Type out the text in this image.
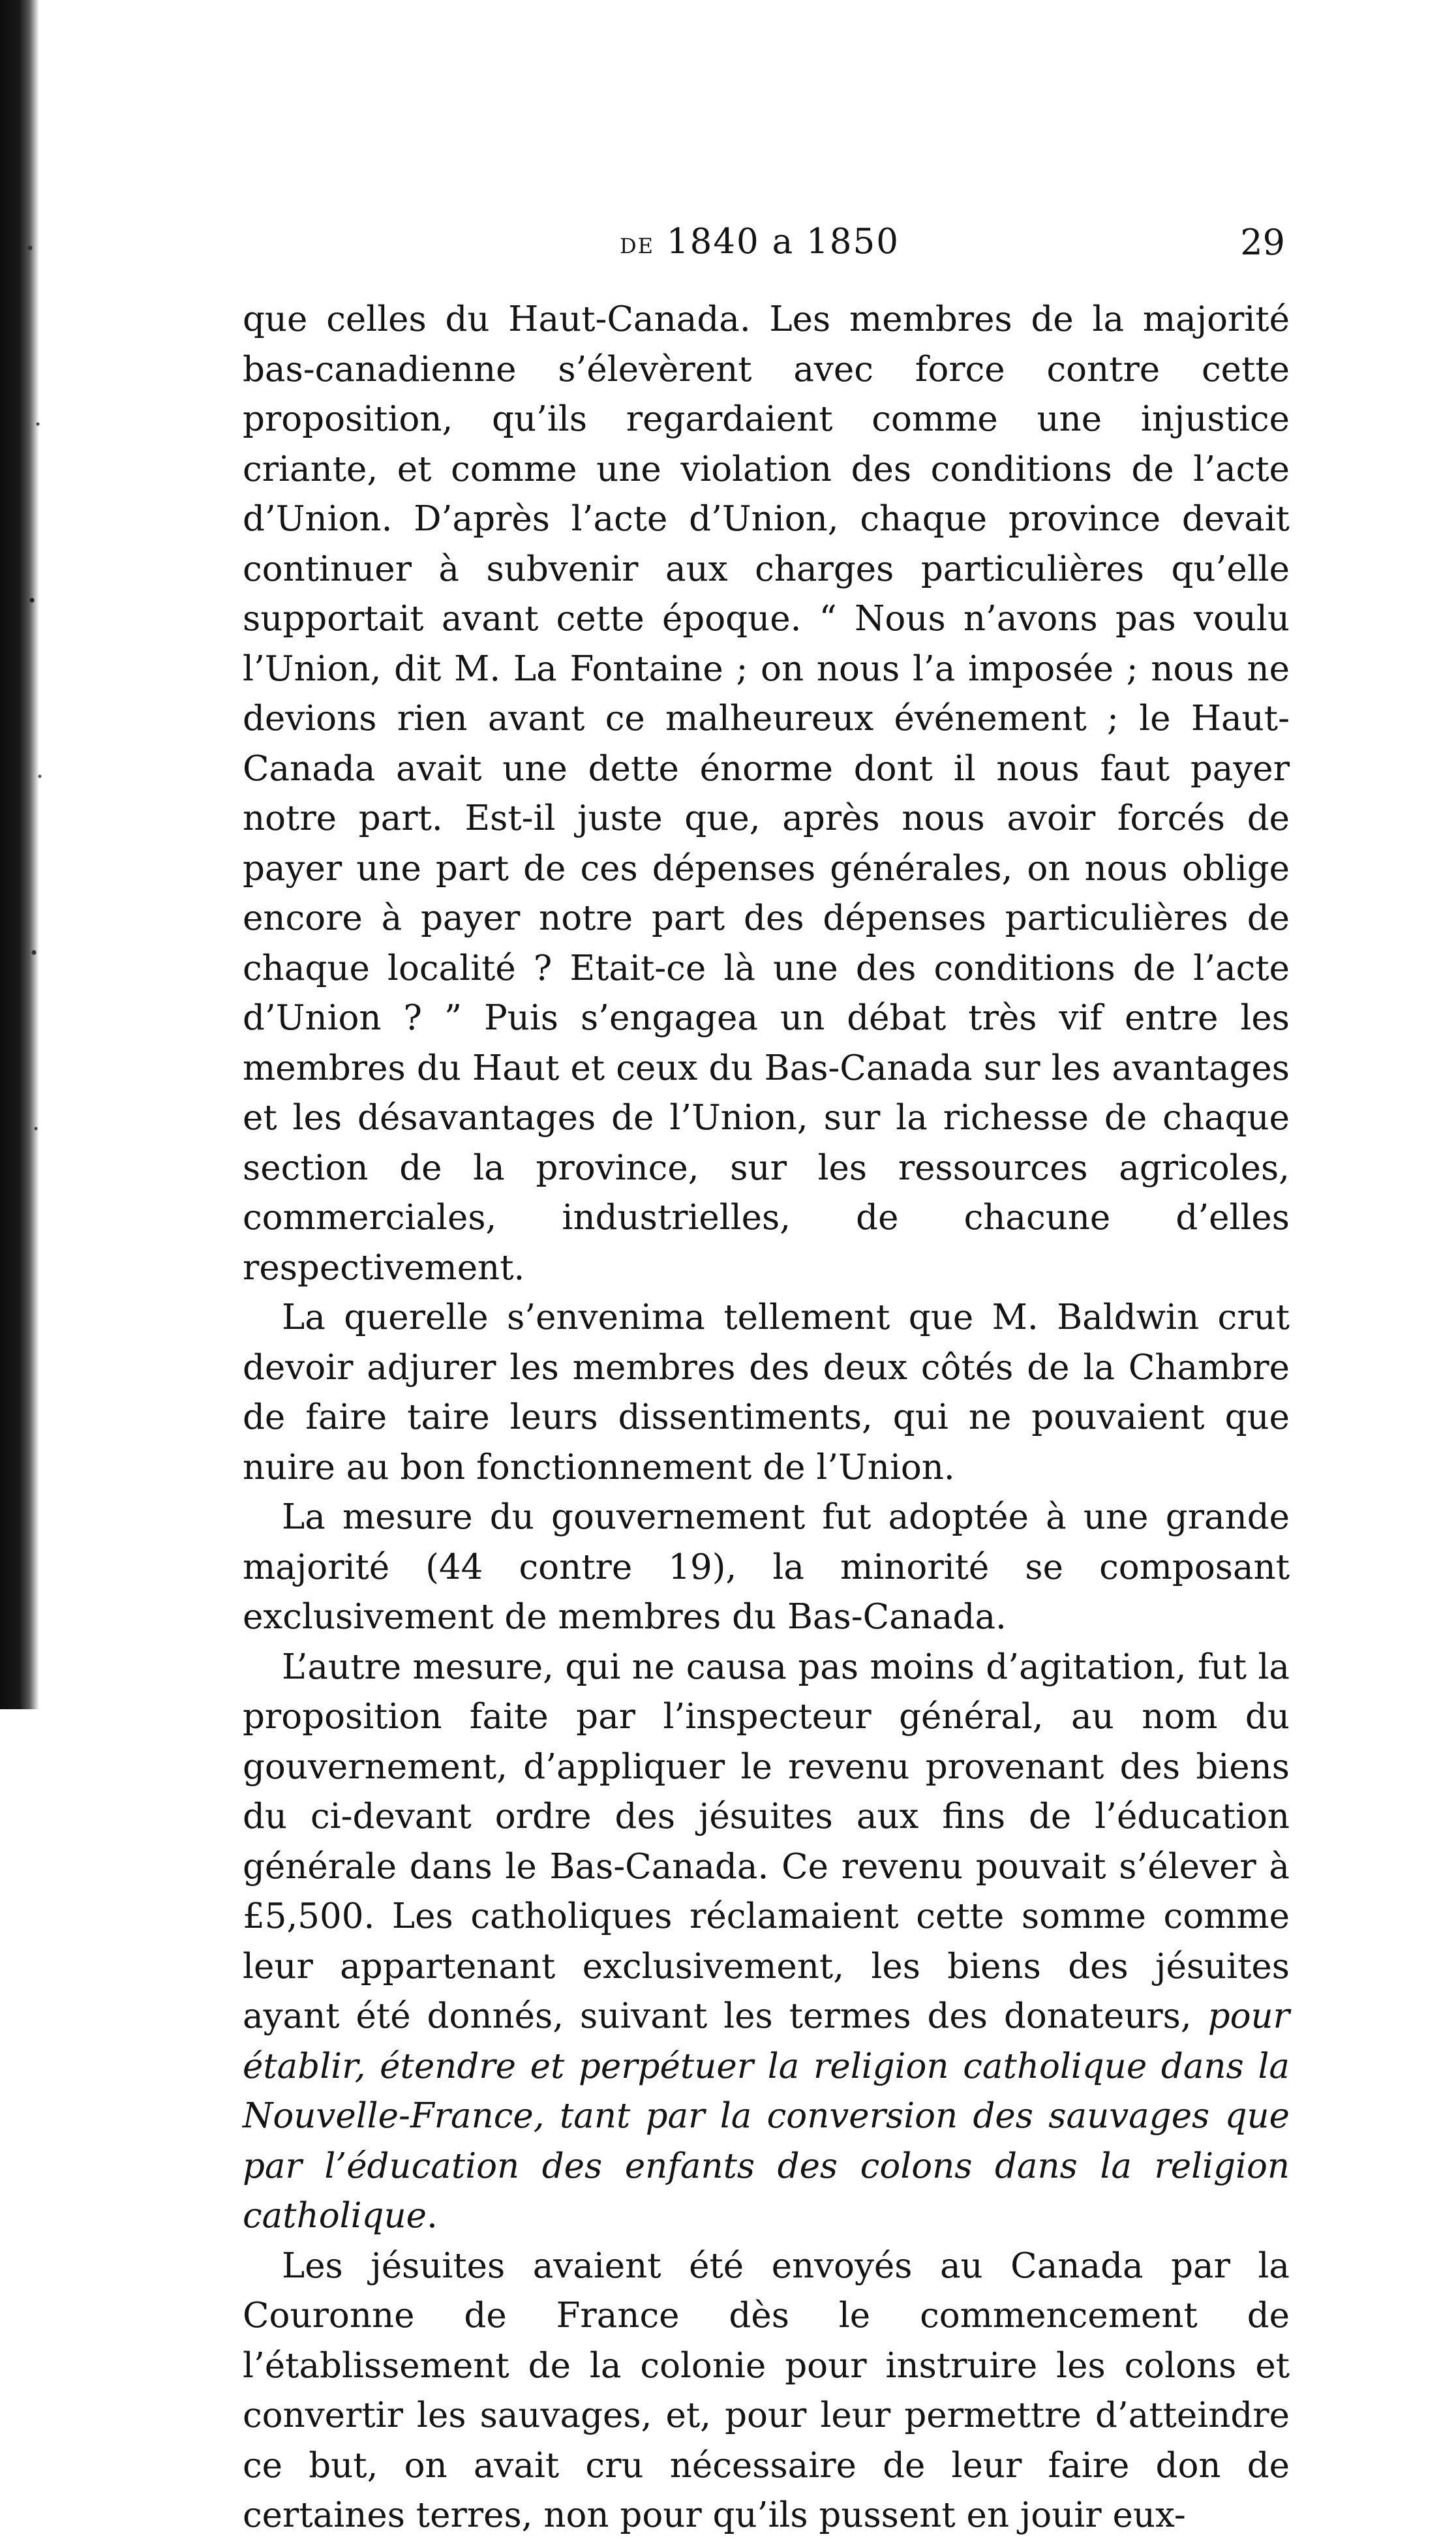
de 1840 a 1850	29

que celles du Haut-Canada. Les membres de la majorité bas-canadienne s’élevèrent avec force contre cette proposition, qu’ils regardaient comme une injustice criante, et comme une violation des conditions de l’acte d’Union. D’après l’acte d’Union, chaque province devait continuer à subvenir aux charges particulières qu’elle supportait avant cette époque. “ Nous n’avons pas voulu l’Union, dit M. La Fontaine ; on nous l’a imposée ; nous ne devions rien avant ce malheureux événement ; le Haut-Canada avait une dette énorme dont il nous faut payer notre part. Est-il juste que, après nous avoir forcés de payer une part de ces dépenses générales, on nous oblige encore à payer notre part des dépenses particulières de chaque localité ? Etait-ce là une des conditions de l’acte d’Union ? ” Puis s’engagea un débat très vif entre les membres du Haut et ceux du Bas-Canada sur les avantages et les désavantages de l’Union, sur la richesse de chaque section de la province, sur les ressources agricoles, commerciales, industrielles, de chacune d’elles respectivement.

La querelle s’envenima tellement que M. Baldwin crut devoir adjurer les membres des deux côtés de la Chambre de faire taire leurs dissentiments, qui ne pouvaient que nuire au bon fonctionnement de l’Union.

La mesure du gouvernement fut adoptée à une grande majorité (44 contre 19), la minorité se composant exclusivement de membres du Bas-Canada.

L’autre mesure, qui ne causa pas moins d’agitation, fut la proposition faite par l’inspecteur général, au nom du gouvernement, d’appliquer le revenu provenant des biens du ci-devant ordre des jésuites aux fins de l’éducation générale dans le Bas-Canada. Ce revenu pouvait s’élever à £5,500. Les catholiques réclamaient cette somme comme leur appartenant exclusivement, les biens des jésuites ayant été donnés, suivant les termes des donateurs, pour établir, étendre et perpétuer la religion catholique dans la Nouvelle-France, tant par la conversion des sauvages que par l’éducation des enfants des colons dans la religion catholique.

Les jésuites avaient été envoyés au Canada par la Couronne de France dès le commencement de l’établissement de la colonie pour instruire les colons et convertir les sauvages, et, pour leur permettre d’atteindre ce but, on avait cru nécessaire de leur faire don de certaines terres, non pour qu’ils pussent en jouir eux-
